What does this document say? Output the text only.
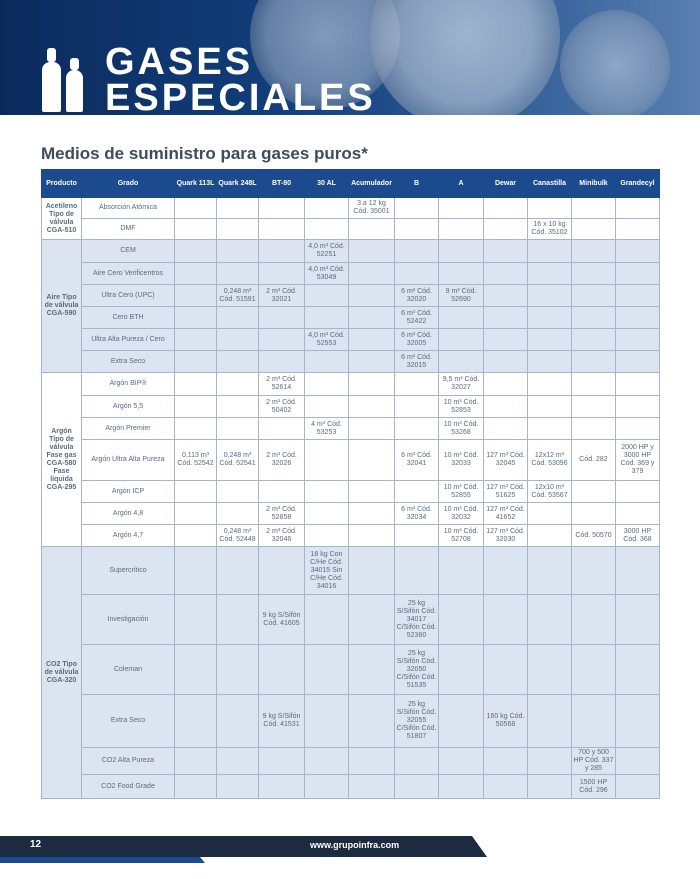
GASES
ESPECIALES
Medios de suministro para gases puros*
Producto	Grado	Quark 113L	Quark 248L	BT-80	30 AL	Acumulador	B	A	Dewar	Canastilla	Minibulk	Grandecyl
Acetileno Tipo de válvula CGA-510	Absorción Atómica					3 a 12 kg Cód. 35001						
	DMF									16 x 10 kg Cód. 35102		
Aire Tipo de válvula CGA-590	CEM				4,0 m³ Cód. 52251							
	Aire Cero Verificentros				4,0 m³ Cód. 53049							
	Ultra Cero (UPC)		0,248 m³ Cód. 51591	2 m³ Cód. 32021			6 m³ Cód. 32020	9 m³ Cód. 52690				
	Cero BTH						6 m³ Cód. 52422					
	Ultra Alta Pureza / Cero				4,0 m³ Cód. 52553		6 m³ Cód. 32005					
	Extra Seco						6 m³ Cód. 32015					
Argón Tipo de válvula Fase gas CGA-580 Fase líquida CGA-295	Argón BIP®			2 m³ Cód. 52614				9,5 m³ Cód. 32027				
	Argón 5,5			2 m³ Cód. 50402				10 m³ Cód. 52853				
	Argón Premier				4 m³ Cód. 53253			10 m³ Cód. 53268				
	Argón Ultra Alta Pureza	0,113 m³ Cód. 52542	0,248 m³ Cód. 52541	2 m³ Cód. 32026			6 m³ Cód. 32041	10 m³ Cód. 32033	127 m³ Cód. 32045	12x12 m³ Cód. 53096	Cód. 282	2000 HP y 3000 HP Cód. 369 y 379
	Argón ICP							10 m³ Cód. 52855	127 m³ Cód. 51625	12x10 m³ Cód. 53567		
	Argón 4,8			2 m³ Cód. 52858			6 m³ Cód. 32034	10 m³ Cód. 32032	127 m³ Cód. 41652			
	Argón 4,7		0,248 m³ Cód. 52448	2 m³ Cód. 32046				10 m³ Cód. 52708	127 m³ Cód. 32030		Cód. 50570	3000 HP Cód. 368
CO2 Tipo de válvula CGA-320	Supercrítico				18 kg Con C/He Cód. 34015 Sin C/He Cód. 34016							
	Investigación			9 kg S/Sifón Cód. 41605			25 kg S/Sifón Cód. 34017 C/Sifón Cód. 52360					
	Coleman						25 kg S/Sifón Cód. 32050 C/Sifón Cód. 51535					
	Extra Seco			9 kg S/Sifón Cód. 41531			25 kg S/Sifón Cód. 32055 C/Sifón Cód. 51807		160 kg Cód. 50568			
	CO2 Alta Pureza										700 y 500 HP Cód. 337 y 285	
	CO2 Food Grade										1500 HP Cód. 296	
12	www.grupoinfra.com
